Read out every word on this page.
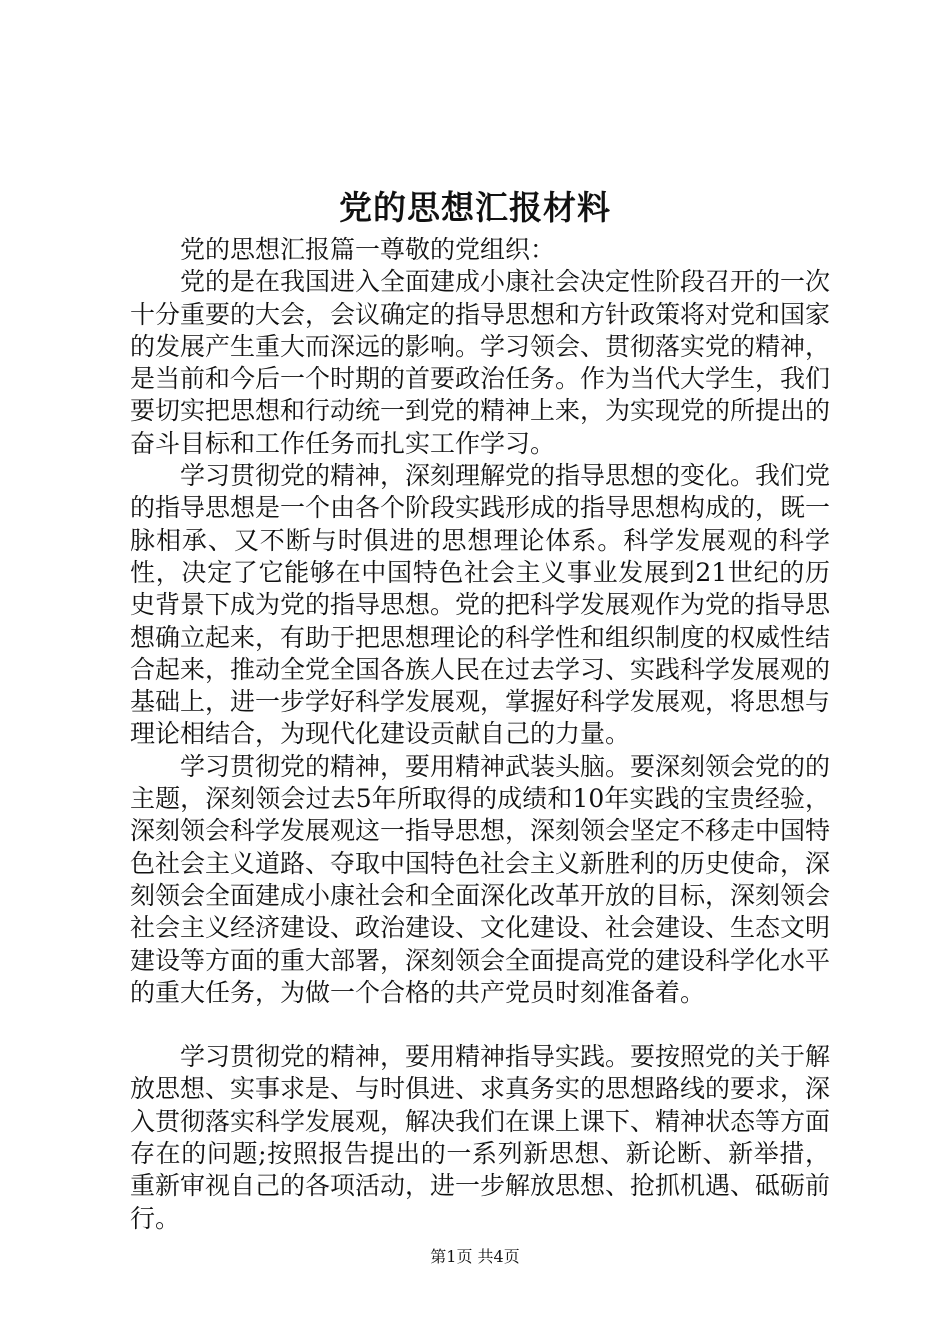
党的思想汇报材料

党的思想汇报篇一尊敬的党组织：

党的是在我国进入全面建成小康社会决定性阶段召开的一次十分重要的大会，会议确定的指导思想和方针政策将对党和国家的发展产生重大而深远的影响。学习领会、贯彻落实党的精神，是当前和今后一个时期的首要政治任务。作为当代大学生，我们要切实把思想和行动统一到党的精神上来，为实现党的所提出的奋斗目标和工作任务而扎实工作学习。

学习贯彻党的精神，深刻理解党的指导思想的变化。我们党的指导思想是一个由各个阶段实践形成的指导思想构成的，既一脉相承、又不断与时俱进的思想理论体系。科学发展观的科学性，决定了它能够在中国特色社会主义事业发展到21世纪的历史背景下成为党的指导思想。党的把科学发展观作为党的指导思想确立起来，有助于把思想理论的科学性和组织制度的权威性结合起来，推动全党全国各族人民在过去学习、实践科学发展观的基础上，进一步学好科学发展观，掌握好科学发展观，将思想与理论相结合，为现代化建设贡献自己的力量。

学习贯彻党的精神，要用精神武装头脑。要深刻领会党的的主题，深刻领会过去5年所取得的成绩和10年实践的宝贵经验，深刻领会科学发展观这一指导思想，深刻领会坚定不移走中国特色社会主义道路、夺取中国特色社会主义新胜利的历史使命，深刻领会全面建成小康社会和全面深化改革开放的目标，深刻领会社会主义经济建设、政治建设、文化建设、社会建设、生态文明建设等方面的重大部署，深刻领会全面提高党的建设科学化水平的重大任务，为做一个合格的共产党员时刻准备着。

学习贯彻党的精神，要用精神指导实践。要按照党的关于解放思想、实事求是、与时俱进、求真务实的思想路线的要求，深入贯彻落实科学发展观，解决我们在课上课下、精神状态等方面存在的问题;按照报告提出的一系列新思想、新论断、新举措，重新审视自己的各项活动，进一步解放思想、抢抓机遇、砥砺前行。

第1页 共4页
